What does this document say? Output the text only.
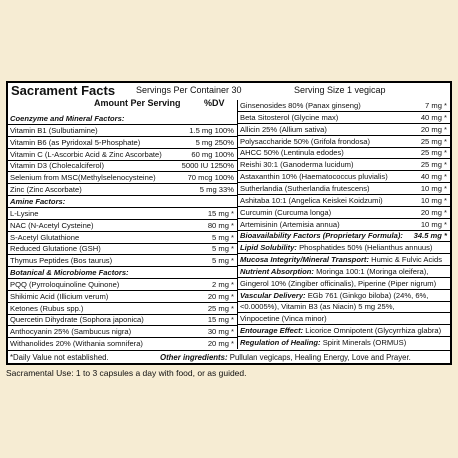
Sacrament Facts Servings Per Container 30	Serving Size 1 vegicap
Amount Per Serving	%DV
Coenzyme and Mineral Factors:
Vitamin B1 (Sulbutiamine)	1.5 mg 100%
Vitamin B6 (as Pyridoxal 5-Phosphate)	5 mg 250%
Vitamin C (L-Ascorbic Acid & Zinc Ascorbate)	60 mg 100%
Vitamin D3 (Cholecalciferol)	5000 IU 1250%
Selenium from MSC(Methylselenocysteine)	70 mcg 100%
Zinc (Zinc Ascorbate)	5 mg 33%
Amine Factors:
L-Lysine	15 mg *
NAC (N-Acetyl Cysteine)	80 mg *
S-Acetyl Glutathione	5 mg *
Reduced Glutatione (GSH)	5 mg *
Thymus Peptides (Bos taurus)	5 mg *
Botanical & Microbiome Factors:
PQQ (Pyrroloquinoline Quinone)	2 mg *
Shikimic Acid (Illicium verum)	20 mg *
Ketones (Rubus spp.)	25 mg *
Quercetin Dihydrate (Sophora japonica)	15 mg *
Anthocyanin 25% (Sambucus nigra)	30 mg *
Withanolides 20% (Withania somnifera)	20 mg *
Ginsenosides 80% (Panax ginseng)	7 mg *
Beta Sitosterol (Glycine max)	40 mg *
Allicin 25% (Allium sativa)	20 mg *
Polysaccharide 50% (Grifola frondosa)	25 mg *
AHCC 50% (Lentinula edodes)	25 mg *
Reishi 30:1 (Ganoderma lucidum)	25 mg *
Astaxanthin 10% (Haematococcus pluvialis)	40 mg *
Sutherlandia (Sutherlandia frutescens)	10 mg *
Ashitaba 10:1 (Angelica Keiskei Koidzumi)	10 mg *
Curcumin (Curcuma longa)	20 mg *
Artemisinin (Artemisia annua)	10 mg *
Bioavailability Factors (Proprietary Formula): 34.5 mg *
Lipid Solubility: Phosphatides 50% (Helianthus annuus)
Mucosa Integrity/Mineral Transport: Humic & Fulvic Acids
Nutrient Absorption: Moringa 100:1 (Moringa oleifera),
Gingerol 10% (Zingiber officinalis), Piperine (Piper nigrum)
Vascular Delivery: EGb 761 (Ginkgo biloba) (24%, 6%,
<0.0005%), Vitamin B3 (as Niacin) 5 mg 25%,
Vinpocetine (Vinca minor)
Entourage Effect: Licorice Omnipotent (Glycyrrhiza glabra)
Regulation of Healing: Spirit Minerals (ORMUS)
*Daily Value not established.	Other ingredients: Pullulan vegicaps, Healing Energy, Love and Prayer.
Sacramental Use: 1 to 3 capsules a day with food, or as guided.
